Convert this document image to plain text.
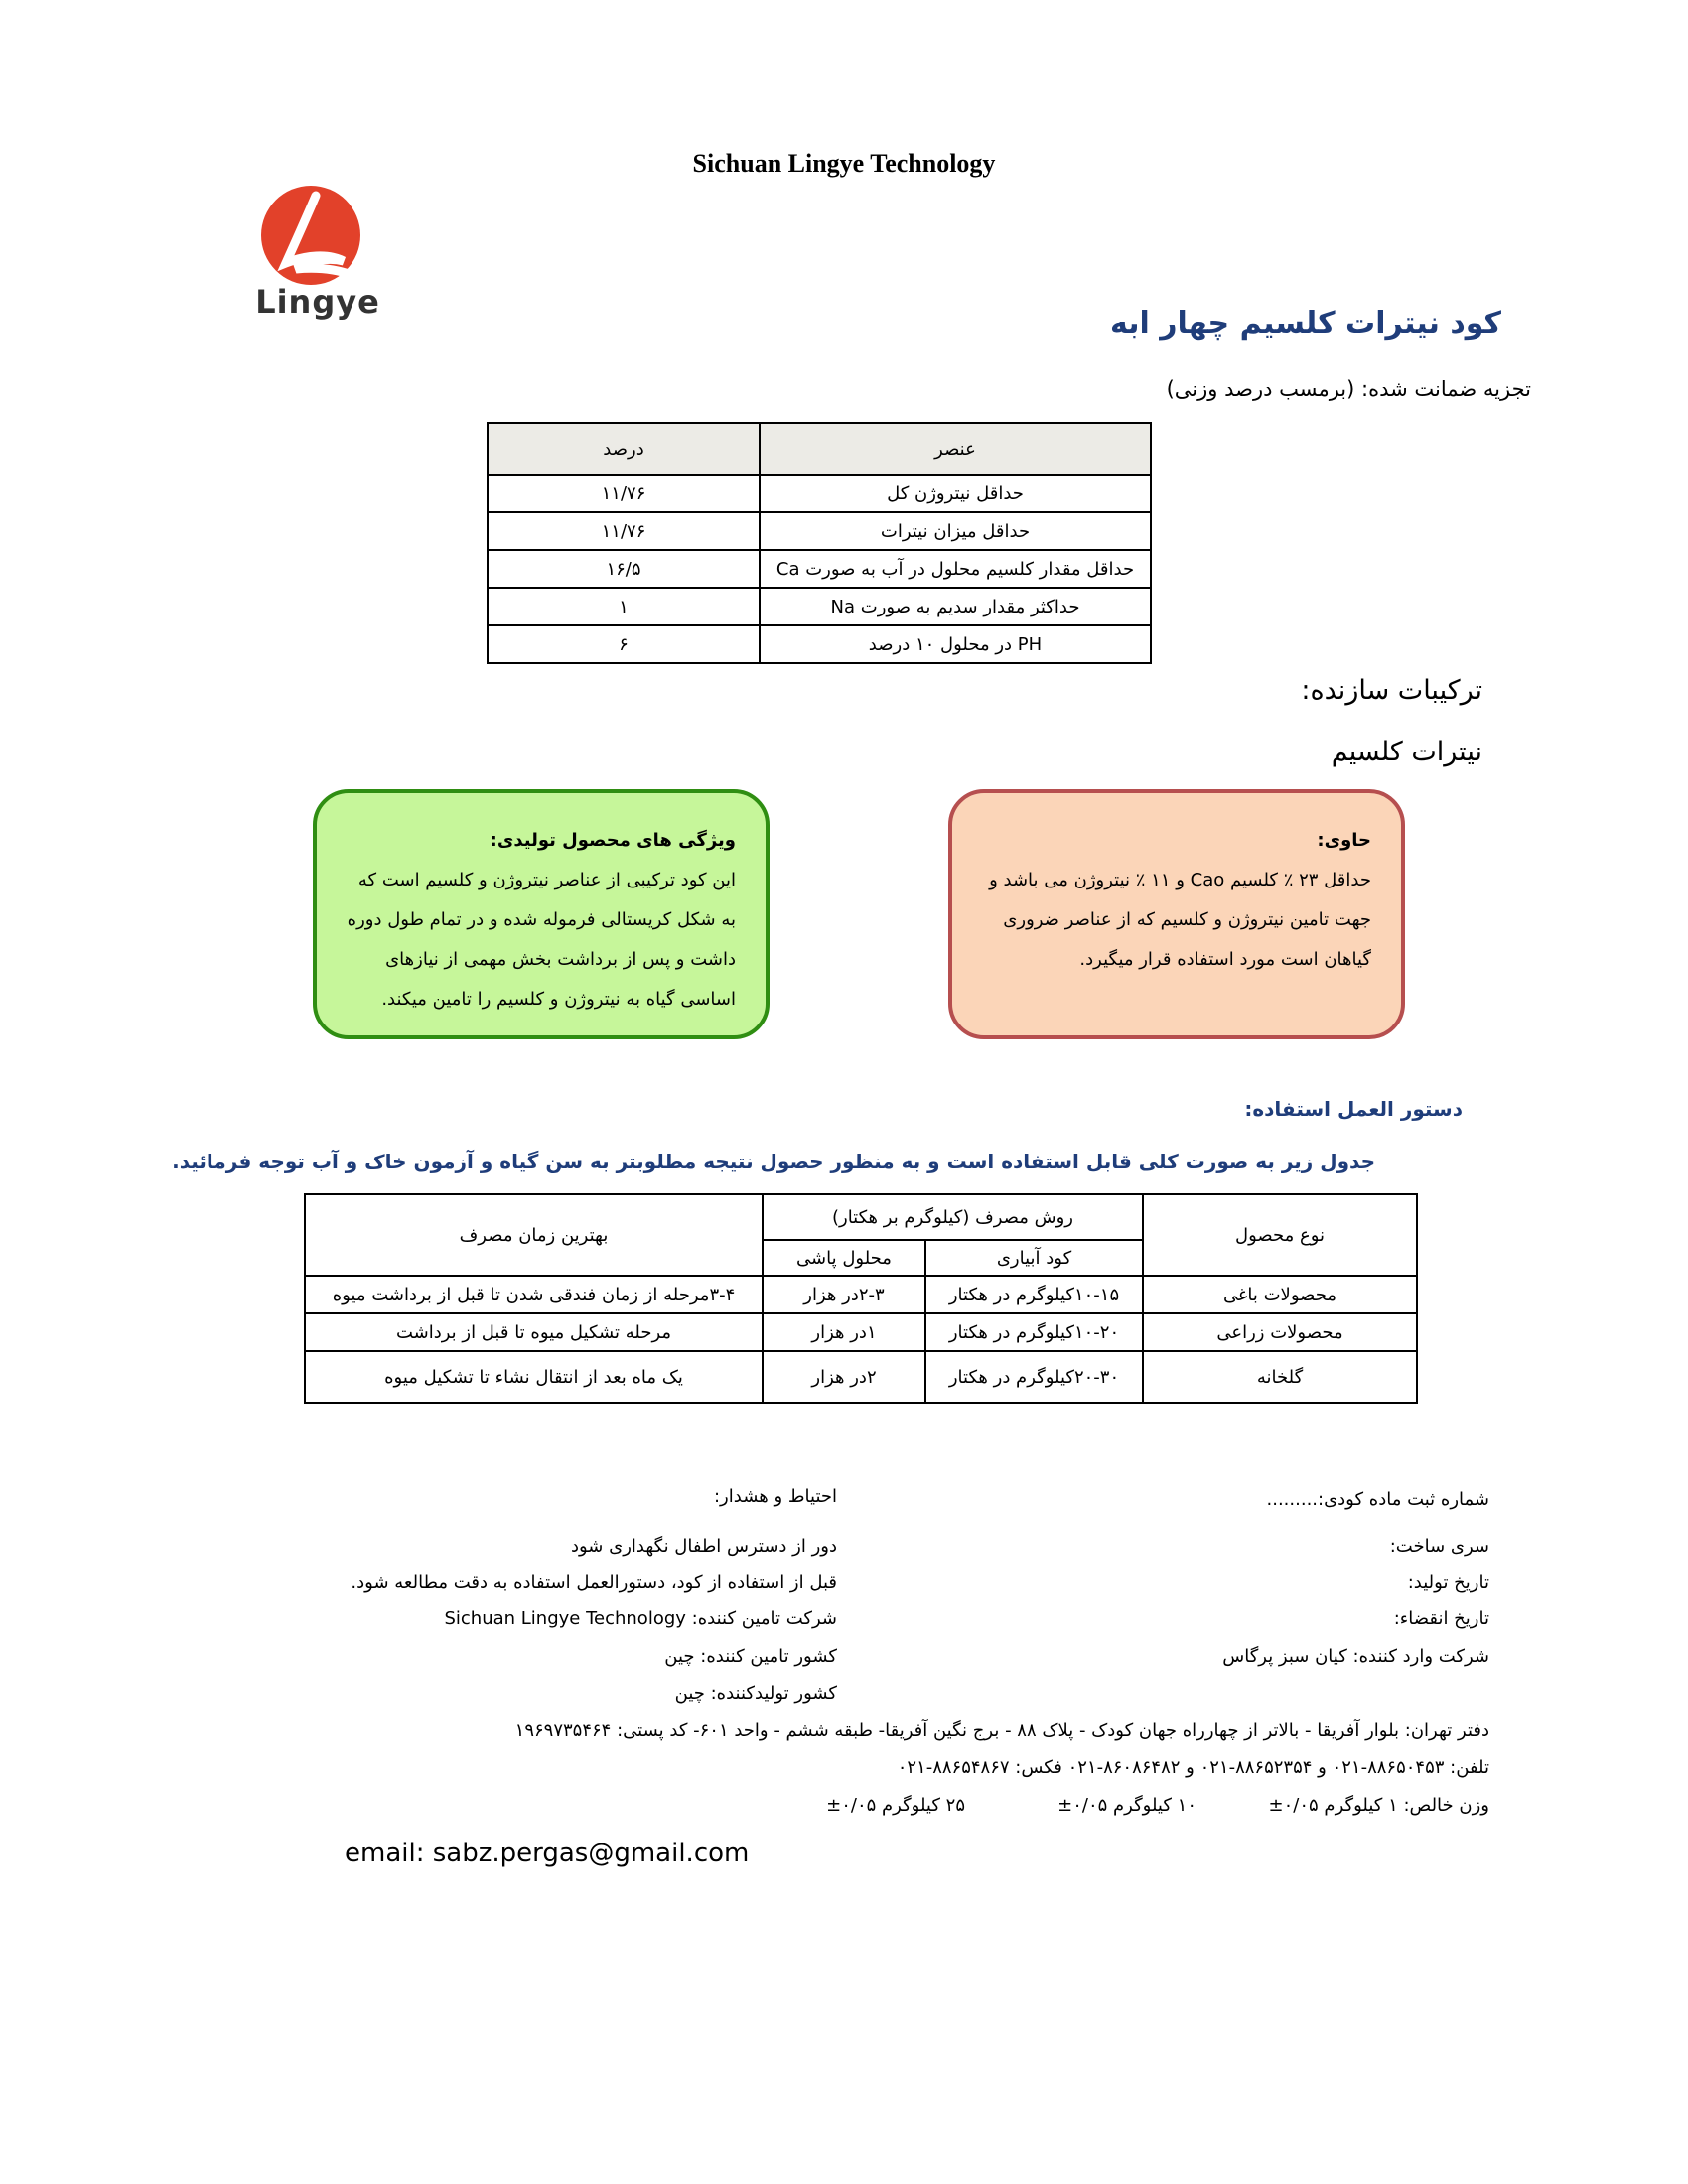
Sichuan Lingye Technology
Lingye
کود نیترات کلسیم چهار ابه
تجزیه ضمانت شده: (برمسب درصد وزنی)
عنصر	درصد
حداقل نیتروژن کل	۱۱/۷۶
حداقل میزان نیترات	۱۱/۷۶
حداقل مقدار کلسیم محلول در آب به صورت Ca	۱۶/۵
حداکثر مقدار سدیم به صورت Na	۱
PH در محلول ۱۰ درصد	۶
ترکیبات سازنده:
نیترات کلسیم
حاوی:
حداقل ۲۳ ٪ کلسیم Cao و ۱۱ ٪ نیتروژن می باشد و
جهت تامین نیتروژن و کلسیم که از عناصر ضروری
گیاهان است مورد استفاده قرار میگیرد.
ویژگی های محصول تولیدی:
این کود ترکیبی از عناصر نیتروژن و کلسیم است که
به شکل کریستالی فرموله شده و در تمام طول دوره
داشت و پس از برداشت بخش مهمی از نیازهای
اساسی گیاه به نیتروژن و کلسیم را تامین میکند.
دستور العمل استفاده:
جدول زیر به صورت کلی قابل استفاده است و به منظور حصول نتیجه مطلوبتر به سن گیاه و آزمون خاک و آب توجه فرمائید.
نوع محصول	روش مصرف (کیلوگرم بر هکتار)		بهترین زمان مصرف
	کود آبیاری	محلول پاشی	
محصولات باغی	۱۰-۱۵کیلوگرم در هکتار	۲-۳در هزار	۳-۴مرحله از زمان فندقی شدن تا قبل از برداشت میوه
محصولات زراعی	۱۰-۲۰کیلوگرم در هکتار	۱در هزار	مرحله تشکیل میوه تا قبل از برداشت
گلخانه	۲۰-۳۰کیلوگرم در هکتار	۲در هزار	یک ماه بعد از انتقال نشاء تا تشکیل میوه
احتیاط و هشدار:
دور از دسترس اطفال نگهداری شود
قبل از استفاده از کود، دستورالعمل استفاده به دقت مطالعه شود.
شرکت تامین کننده: Sichuan Lingye Technology
کشور تامین کننده: چین
کشور تولیدکننده: چین
شماره ثبت ماده کودی:.........
سری ساخت:
تاریخ تولید:
تاریخ انقضاء:
شرکت وارد کننده: کیان سبز پرگاس
دفتر تهران: بلوار آفریقا - بالاتر از چهارراه جهان کودک - پلاک ۸۸ - برج نگین آفریقا- طبقه ششم - واحد ۶۰۱- کد پستی: ۱۹۶۹۷۳۵۴۶۴
تلفن: ۸۸۶۵۰۴۵۳-۰۲۱ و ۸۸۶۵۲۳۵۴-۰۲۱ و ۸۶۰۸۶۴۸۲-۰۲۱ فکس: ۸۸۶۵۴۸۶۷-۰۲۱
وزن خالص: ۱ کیلوگرم ۰/۰۵±
۱۰ کیلوگرم ۰/۰۵±
۲۵ کیلوگرم ۰/۰۵±
email: sabz.pergas@gmail.com
